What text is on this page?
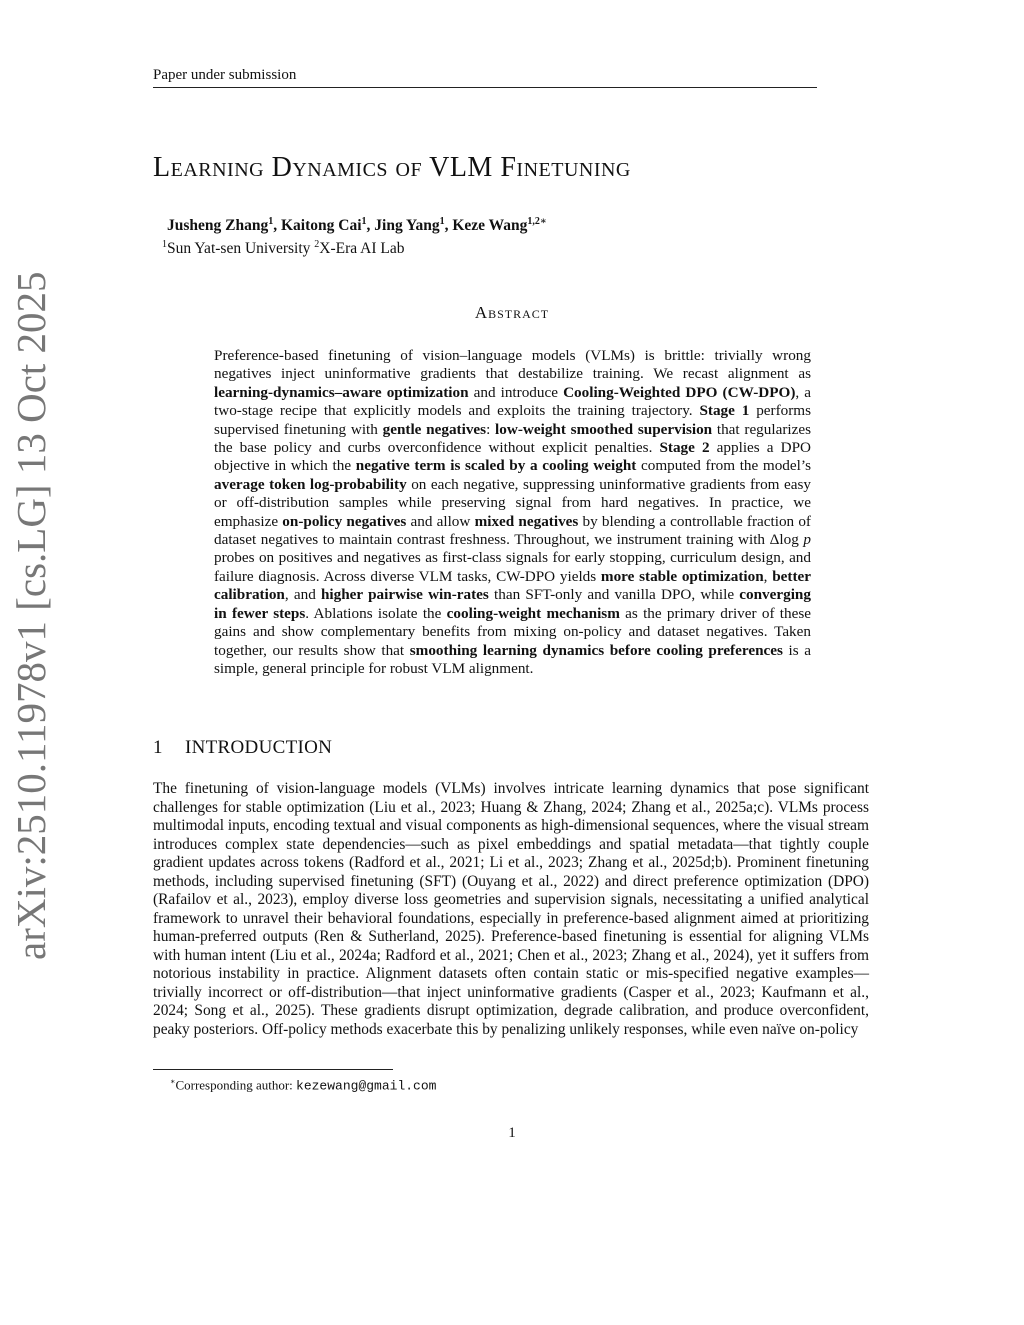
Paper under submission
arXiv:2510.11978v1 [cs.LG] 13 Oct 2025
Learning Dynamics of VLM Finetuning
Jusheng Zhang$^1$, Kaitong Cai$^1$, Jing Yang$^1$, Keze Wang$^{1,2∗}$
$^1$Sun Yat-sen University $^2$X-Era AI Lab
Abstract
Preference-based finetuning of vision–language models (VLMs) is brittle: trivially wrong negatives inject uninformative gradients that destabilize training. We recast alignment as learning-dynamics–aware optimization and introduce Cooling-Weighted DPO (CW-DPO), a two-stage recipe that explicitly models and exploits the training trajectory. Stage 1 performs supervised finetuning with gentle negatives: low-weight smoothed supervision that regularizes the base policy and curbs overconfidence without explicit penalties. Stage 2 applies a DPO objective in which the negative term is scaled by a cooling weight computed from the model’s average token log-probability on each negative, suppressing uninformative gradients from easy or off-distribution samples while preserving signal from hard negatives. In practice, we emphasize on-policy negatives and allow mixed negatives by blending a controllable fraction of dataset negatives to maintain contrast freshness. Throughout, we instrument training with Δlog p probes on positives and negatives as first-class signals for early stopping, curriculum design, and failure diagnosis. Across diverse VLM tasks, CW-DPO yields more stable optimization, better calibration, and higher pairwise win-rates than SFT-only and vanilla DPO, while converging in fewer steps. Ablations isolate the cooling-weight mechanism as the primary driver of these gains and show complementary benefits from mixing on-policy and dataset negatives. Taken together, our results show that smoothing learning dynamics before cooling preferences is a simple, general principle for robust VLM alignment.
1 INTRODUCTION
The finetuning of vision-language models (VLMs) involves intricate learning dynamics that pose significant challenges for stable optimization (Liu et al., 2023; Huang & Zhang, 2024; Zhang et al., 2025a;c). VLMs process multimodal inputs, encoding textual and visual components as high-dimensional sequences, where the visual stream introduces complex state dependencies—such as pixel embeddings and spatial metadata—that tightly couple gradient updates across tokens (Radford et al., 2021; Li et al., 2023; Zhang et al., 2025d;b). Prominent finetuning methods, including supervised finetuning (SFT) (Ouyang et al., 2022) and direct preference optimization (DPO) (Rafailov et al., 2023), employ diverse loss geometries and supervision signals, necessitating a unified analytical framework to unravel their behavioral foundations, especially in preference-based alignment aimed at prioritizing human-preferred outputs (Ren & Sutherland, 2025). Preference-based finetuning is essential for aligning VLMs with human intent (Liu et al., 2024a; Radford et al., 2021; Chen et al., 2023; Zhang et al., 2024), yet it suffers from notorious instability in practice. Alignment datasets often contain static or mis-specified negative examples—trivially incorrect or off-distribution—that inject uninformative gradients (Casper et al., 2023; Kaufmann et al., 2024; Song et al., 2025). These gradients disrupt optimization, degrade calibration, and produce overconfident, peaky posteriors. Off-policy methods exacerbate this by penalizing unlikely responses, while even naïve on-policy
∗Corresponding author: kezewang@gmail.com
1
